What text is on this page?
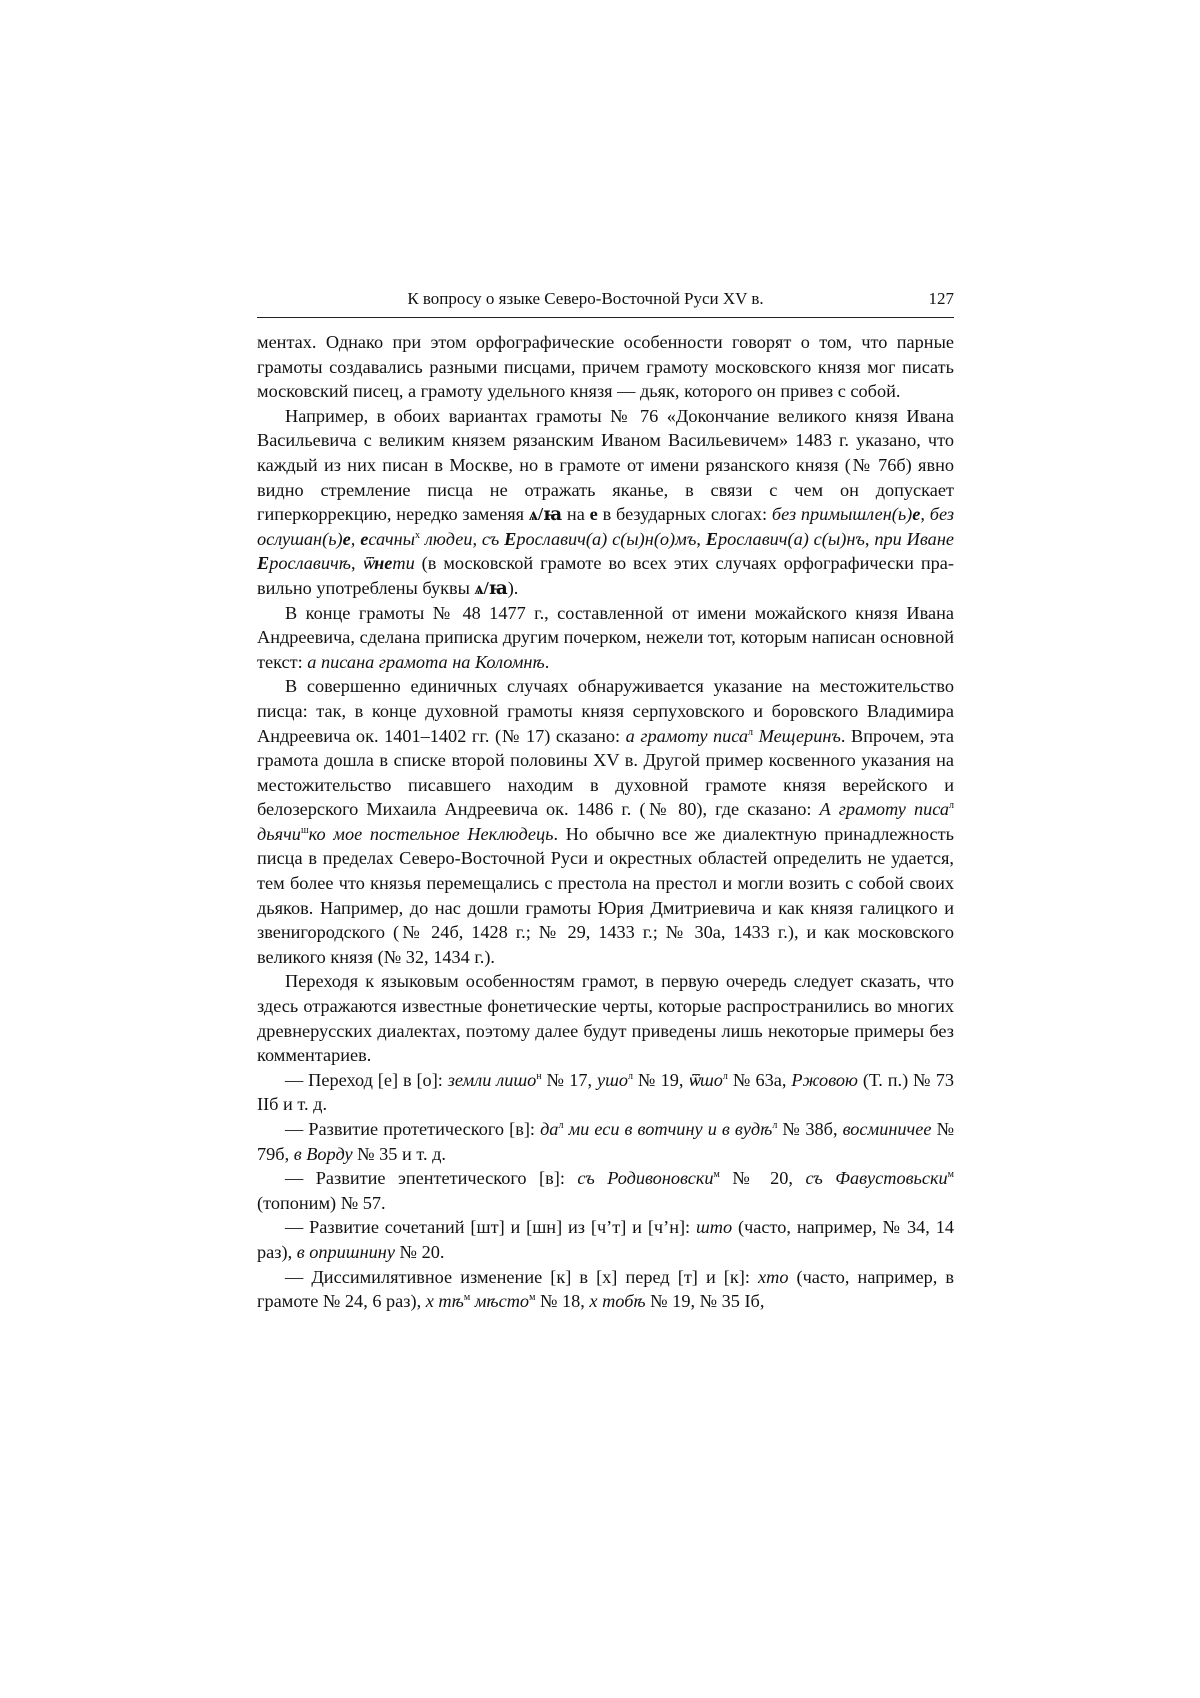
К вопросу о языке Северо-Восточной Руси XV в.	127

ментах. Однако при этом орфографические особенности говорят о том, что парные грамоты создавались разными писцами, причем грамоту московского князя мог писать московский писец, а грамоту удельного князя — дьяк, которого он привез с собой.

Например, в обоих вариантах грамоты № 76 «Докончание великого князя Ивана Васильевича с великим князем рязанским Иваном Васильевичем» 1483 г. указано, что каждый из них писан в Москве, но в грамоте от имени рязанского князя (№ 76б) явно видно стремление писца не отражать яканье, в связи с чем он допускает гиперкоррекцию, нередко заменяя ѧ/ꙗ на е в безударных слогах: без примышлен(ь)е, без ослушан(ь)е, есачны$^х$ людеи, съ Ерославич(а) с(ы)н(о)мъ, Ерославич(а) с(ы)нъ, при Иване Ерославичѣ, ѿнети (в московской грамоте во всех этих случаях орфографически правильно употреблены буквы ѧ/ꙗ).

В конце грамоты № 48 1477 г., составленной от имени можайского князя Ивана Андреевича, сделана приписка другим почерком, нежели тот, которым написан основной текст: а писана грамота на Коломнѣ.

В совершенно единичных случаях обнаруживается указание на местожительство писца: так, в конце духовной грамоты князя серпуховского и боровского Владимира Андреевича ок. 1401–1402 гг. (№ 17) сказано: а грамоту писа$^л$ Мещеринъ. Впрочем, эта грамота дошла в списке второй половины XV в. Другой пример косвенного указания на местожительство писавшего находим в духовной грамоте князя верейского и белозерского Михаила Андреевича ок. 1486 г. (№ 80), где сказано: А грамоту писа$^л$ дьячи$^ш$ко мое постельное Неклюдець. Но обычно все же диалектную принадлежность писца в пределах Северо-Восточной Руси и окрестных областей определить не удается, тем более что князья перемещались с престола на престол и могли возить с собой своих дьяков. Например, до нас дошли грамоты Юрия Дмитриевича и как князя галицкого и звенигородского (№ 24б, 1428 г.; № 29, 1433 г.; № 30а, 1433 г.), и как московского великого князя (№ 32, 1434 г.).

Переходя к языковым особенностям грамот, в первую очередь следует сказать, что здесь отражаются известные фонетические черты, которые распространились во многих древнерусских диалектах, поэтому далее будут приведены лишь некоторые примеры без комментариев.

— Переход [е] в [о]: земли лишо$^н$ № 17, ушо$^л$ № 19, ѿшо$^л$ № 63а, Ржовою (Т. п.) № 73 IIб и т. д.

— Развитие протетического [в]: $да^л$ ми еси в вотчину и в вудѣ$^л$ № 38б, восминичее № 79б, в Ворду № 35 и т. д.

— Развитие эпентетического [в]: съ Родивоновски$^м$ № 20, съ Фавустовьски$^м$ (топоним) № 57.

— Развитие сочетаний [шт] и [шн] из [ч’т] и [ч’н]: што (часто, например, № 34, 14 раз), в опришнину № 20.

— Диссимилятивное изменение [к] в [х] перед [т] и [к]: хто (часто, например, в грамоте № 24, 6 раз), х $тѣ^м$ мѣсто$^м$ № 18, х тобѣ № 19, № 35 Iб,
